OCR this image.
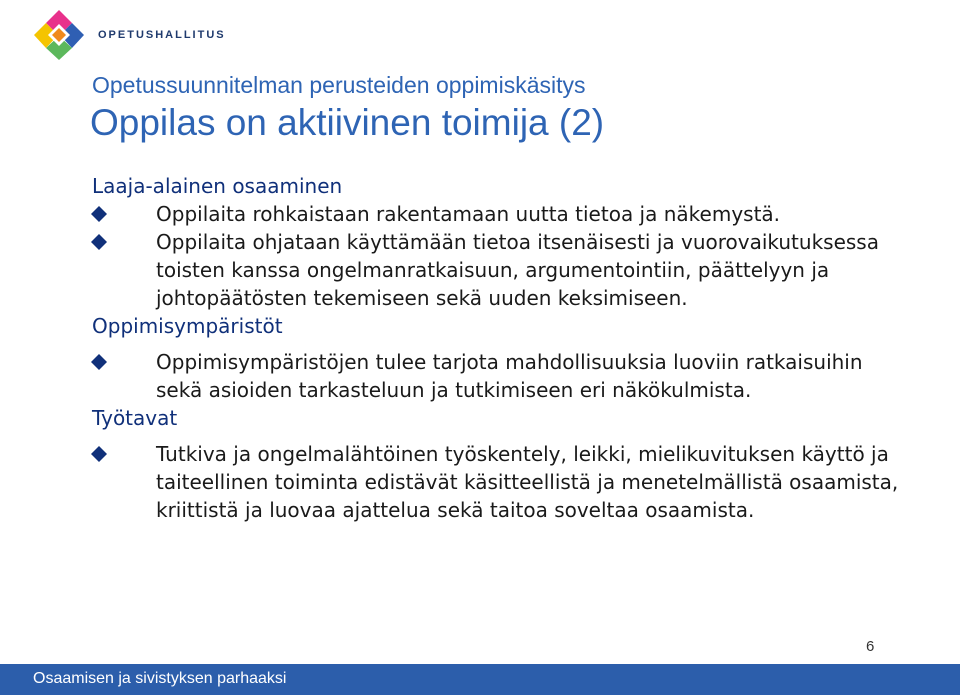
OPETUSHALLITUS
Opetussuunnitelman perusteiden oppimiskäsitys
Oppilas on aktiivinen toimija (2)
Laaja-alainen osaaminen
Oppilaita rohkaistaan rakentamaan uutta tietoa ja näkemystä.
Oppilaita ohjataan käyttämään tietoa itsenäisesti ja vuorovaikutuksessa toisten kanssa ongelmanratkaisuun, argumentointiin, päättelyyn ja johtopäätösten tekemiseen sekä uuden keksimiseen.
Oppimisympäristöt
Oppimisympäristöjen tulee tarjota mahdollisuuksia luoviin ratkaisuihin sekä asioiden tarkasteluun ja tutkimiseen eri näkökulmista.
Työtavat
Tutkiva ja ongelmalähtöinen työskentely, leikki, mielikuvituksen käyttö ja taiteellinen toiminta edistävät käsitteellistä ja menetelmällistä osaamista, kriittistä ja luovaa ajattelua sekä taitoa soveltaa osaamista.
6
Osaamisen ja sivistyksen parhaaksi
